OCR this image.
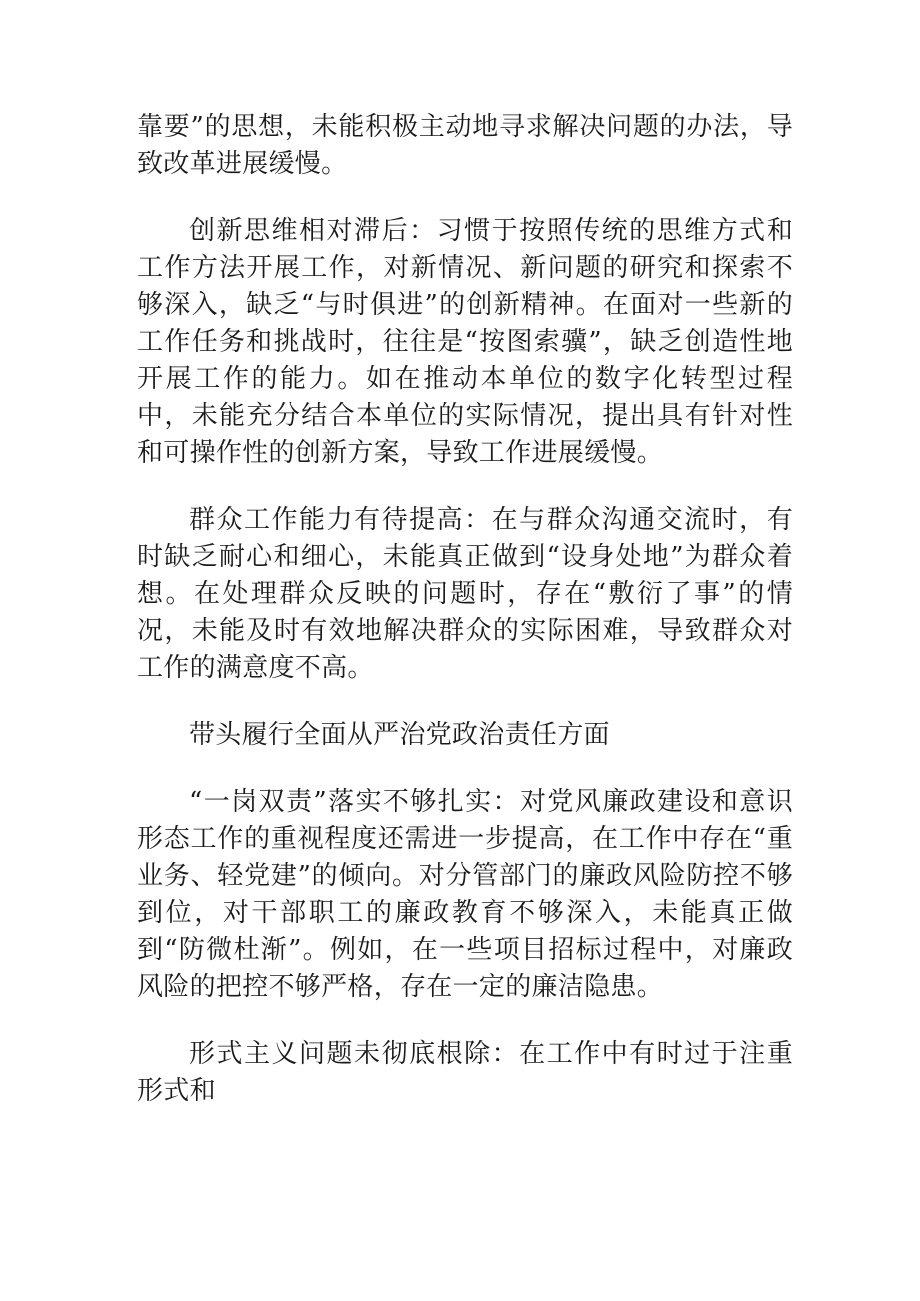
靠要”的思想，未能积极主动地寻求解决问题的办法，导致改革进展缓慢。

创新思维相对滞后：习惯于按照传统的思维方式和工作方法开展工作，对新情况、新问题的研究和探索不够深入，缺乏“与时俱进”的创新精神。在面对一些新的工作任务和挑战时，往往是“按图索骥”，缺乏创造性地开展工作的能力。如在推动本单位的数字化转型过程中，未能充分结合本单位的实际情况，提出具有针对性和可操作性的创新方案，导致工作进展缓慢。

群众工作能力有待提高：在与群众沟通交流时，有时缺乏耐心和细心，未能真正做到“设身处地”为群众着想。在处理群众反映的问题时，存在“敷衍了事”的情况，未能及时有效地解决群众的实际困难，导致群众对工作的满意度不高。

带头履行全面从严治党政治责任方面

“一岗双责”落实不够扎实：对党风廉政建设和意识形态工作的重视程度还需进一步提高，在工作中存在“重业务、轻党建”的倾向。对分管部门的廉政风险防控不够到位，对干部职工的廉政教育不够深入，未能真正做到“防微杜渐”。例如，在一些项目招标过程中，对廉政风险的把控不够严格，存在一定的廉洁隐患。

形式主义问题未彻底根除：在工作中有时过于注重形式和
